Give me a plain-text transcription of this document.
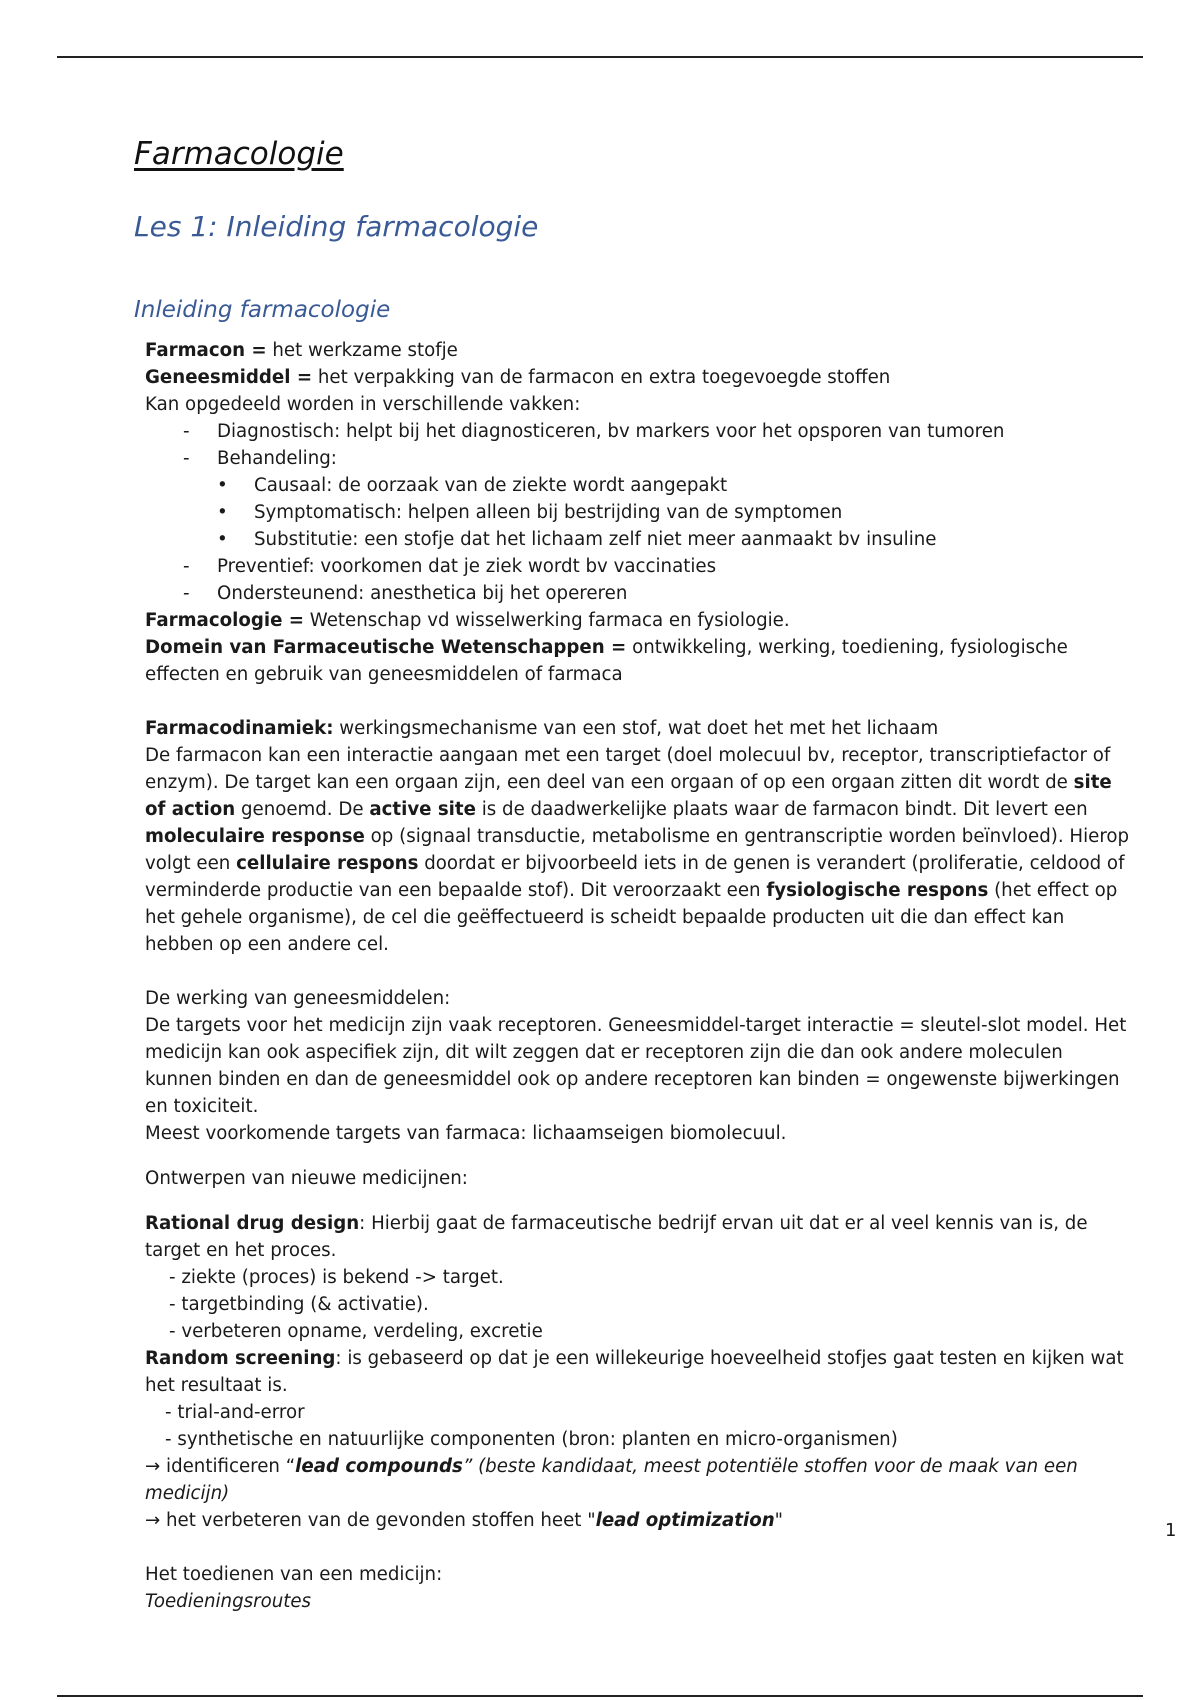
Farmacologie
Les 1: Inleiding farmacologie
Inleiding farmacologie

Farmacon = het werkzame stofje

Geneesmiddel = het verpakking van de farmacon en extra toegevoegde stoffen

Kan opgedeeld worden in verschillende vakken:

- Diagnostisch: helpt bij het diagnosticeren, bv markers voor het opsporen van tumoren

- Behandeling:

• Causaal: de oorzaak van de ziekte wordt aangepakt

• Symptomatisch: helpen alleen bij bestrijding van de symptomen

• Substitutie: een stofje dat het lichaam zelf niet meer aanmaakt bv insuline

- Preventief: voorkomen dat je ziek wordt bv vaccinaties

- Ondersteunend: anesthetica bij het opereren

Farmacologie = Wetenschap vd wisselwerking farmaca en fysiologie.

Domein van Farmaceutische Wetenschappen = ontwikkeling, werking, toediening, fysiologische effecten en gebruik van geneesmiddelen of farmaca

Farmacodinamiek: werkingsmechanisme van een stof, wat doet het met het lichaam

De farmacon kan een interactie aangaan met een target (doel molecuul bv, receptor, transcriptiefactor of enzym). De target kan een orgaan zijn, een deel van een orgaan of op een orgaan zitten dit wordt de site of action genoemd. De active site is de daadwerkelijke plaats waar de farmacon bindt. Dit levert een moleculaire response op (signaal transductie, metabolisme en gentranscriptie worden beïnvloed). Hierop volgt een cellulaire respons doordat er bijvoorbeeld iets in de genen is verandert (proliferatie, celdood of verminderde productie van een bepaalde stof). Dit veroorzaakt een fysiologische respons (het effect op het gehele organisme), de cel die geëffectueerd is scheidt bepaalde producten uit die dan effect kan hebben op een andere cel.

De werking van geneesmiddelen:

De targets voor het medicijn zijn vaak receptoren. Geneesmiddel-target interactie = sleutel-slot model. Het medicijn kan ook aspecifiek zijn, dit wilt zeggen dat er receptoren zijn die dan ook andere moleculen kunnen binden en dan de geneesmiddel ook op andere receptoren kan binden = ongewenste bijwerkingen en toxiciteit.

Meest voorkomende targets van farmaca: lichaamseigen biomolecuul.

Ontwerpen van nieuwe medicijnen:

Rational drug design: Hierbij gaat de farmaceutische bedrijf ervan uit dat er al veel kennis van is, de target en het proces.

- ziekte (proces) is bekend -> target.

- targetbinding (& activatie).

- verbeteren opname, verdeling, excretie

Random screening: is gebaseerd op dat je een willekeurige hoeveelheid stofjes gaat testen en kijken wat het resultaat is.

- trial-and-error

- synthetische en natuurlijke componenten (bron: planten en micro-organismen)

→ identificeren “lead compounds” (beste kandidaat, meest potentiële stoffen voor de maak van een medicijn)

→ het verbeteren van de gevonden stoffen heet "lead optimization"

Het toedienen van een medicijn:

Toedieningsroutes

1
